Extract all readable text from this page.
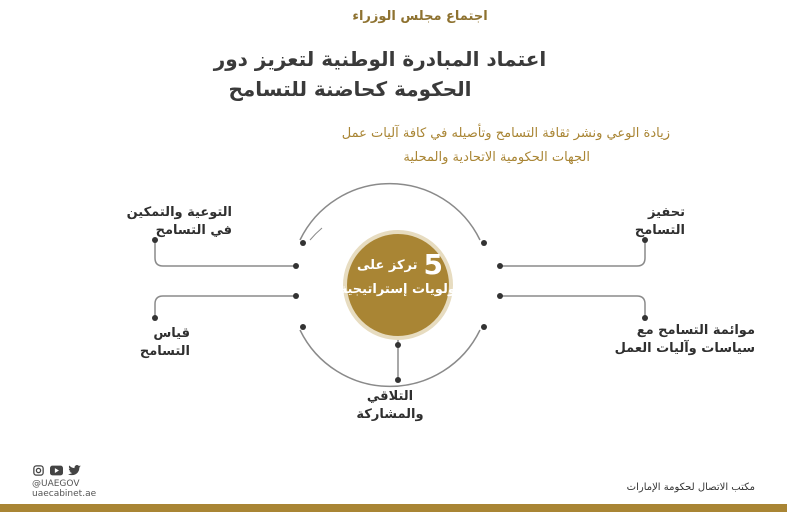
اجتماع مجلس الوزراء
اعتماد المبادرة الوطنية لتعزيز دور
الحكومة كحاضنة للتسامح
زيادة الوعي ونشر ثقافة التسامح وتأصيله في كافة آليات عمل
الجهات الحكومية الاتحادية والمحلية
5
تركز على
أولويات إستراتيجية
التوعية والتمكين
في التسامح
تحفيز
التسامح
قياس
التسامح
موائمة التسامح مع
سياسات وآليات العمل
التلاقي
والمشاركة
@UAEGOV
uaecabinet.ae
مكتب الاتصال لحكومة الإمارات
